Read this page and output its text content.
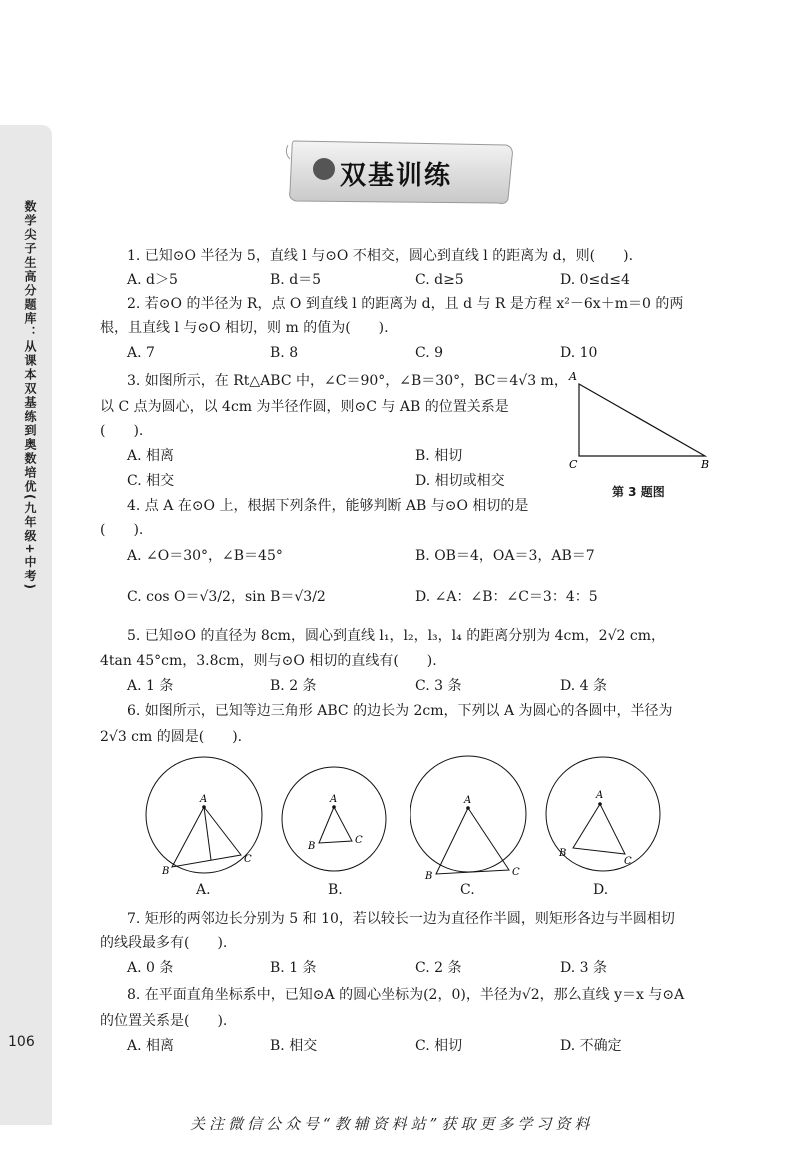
数学尖子生高分题库：从课本双基练到奥数培优(九年级+中考)
106
双基训练
1. 已知⊙O 半径为 5，直线 l 与⊙O 不相交，圆心到直线 l 的距离为 d，则(　　).
A. d＞5	B. d＝5	C. d≥5	D. 0≤d≤4
2. 若⊙O 的半径为 R，点 O 到直线 l 的距离为 d，且 d 与 R 是方程 x²－6x＋m＝0 的两
根，且直线 l 与⊙O 相切，则 m 的值为(　　).
A. 7	B. 8	C. 9	D. 10
3. 如图所示，在 Rt△ABC 中，∠C＝90°，∠B＝30°，BC＝4√3 m，
以 C 点为圆心，以 4cm 为半径作圆，则⊙C 与 AB 的位置关系是
(　　).
A. 相离	B. 相切
C. 相交	D. 相切或相交
A
C	B
第 3 题图
4. 点 A 在⊙O 上，根据下列条件，能够判断 AB 与⊙O 相切的是
(　　).
A. ∠O＝30°，∠B＝45°	B. OB＝4，OA＝3，AB＝7
C. cos O＝√3/2，sin B＝√3/2	D. ∠A：∠B：∠C＝3：4：5
5. 已知⊙O 的直径为 8cm，圆心到直线 l₁，l₂，l₃，l₄ 的距离分别为 4cm，2√2 cm，
4tan 45°cm，3.8cm，则与⊙O 相切的直线有(　　).
A. 1 条	B. 2 条	C. 3 条	D. 4 条
6. 如图所示，已知等边三角形 ABC 的边长为 2cm，下列以 A 为圆心的各圆中，半径为
2√3 cm 的圆是(　　).
A
B
C
A.
A
B
C
B.
A
B	C
C.
A
B
C
D.
7. 矩形的两邻边长分别为 5 和 10，若以较长一边为直径作半圆，则矩形各边与半圆相切
的线段最多有(　　).
A. 0 条	B. 1 条	C. 2 条	D. 3 条
8. 在平面直角坐标系中，已知⊙A 的圆心坐标为(2，0)，半径为√2，那么直线 y＝x 与⊙A
的位置关系是(　　).
A. 相离	B. 相交	C. 相切	D. 不确定
关注微信公众号“教辅资料站”获取更多学习资料
